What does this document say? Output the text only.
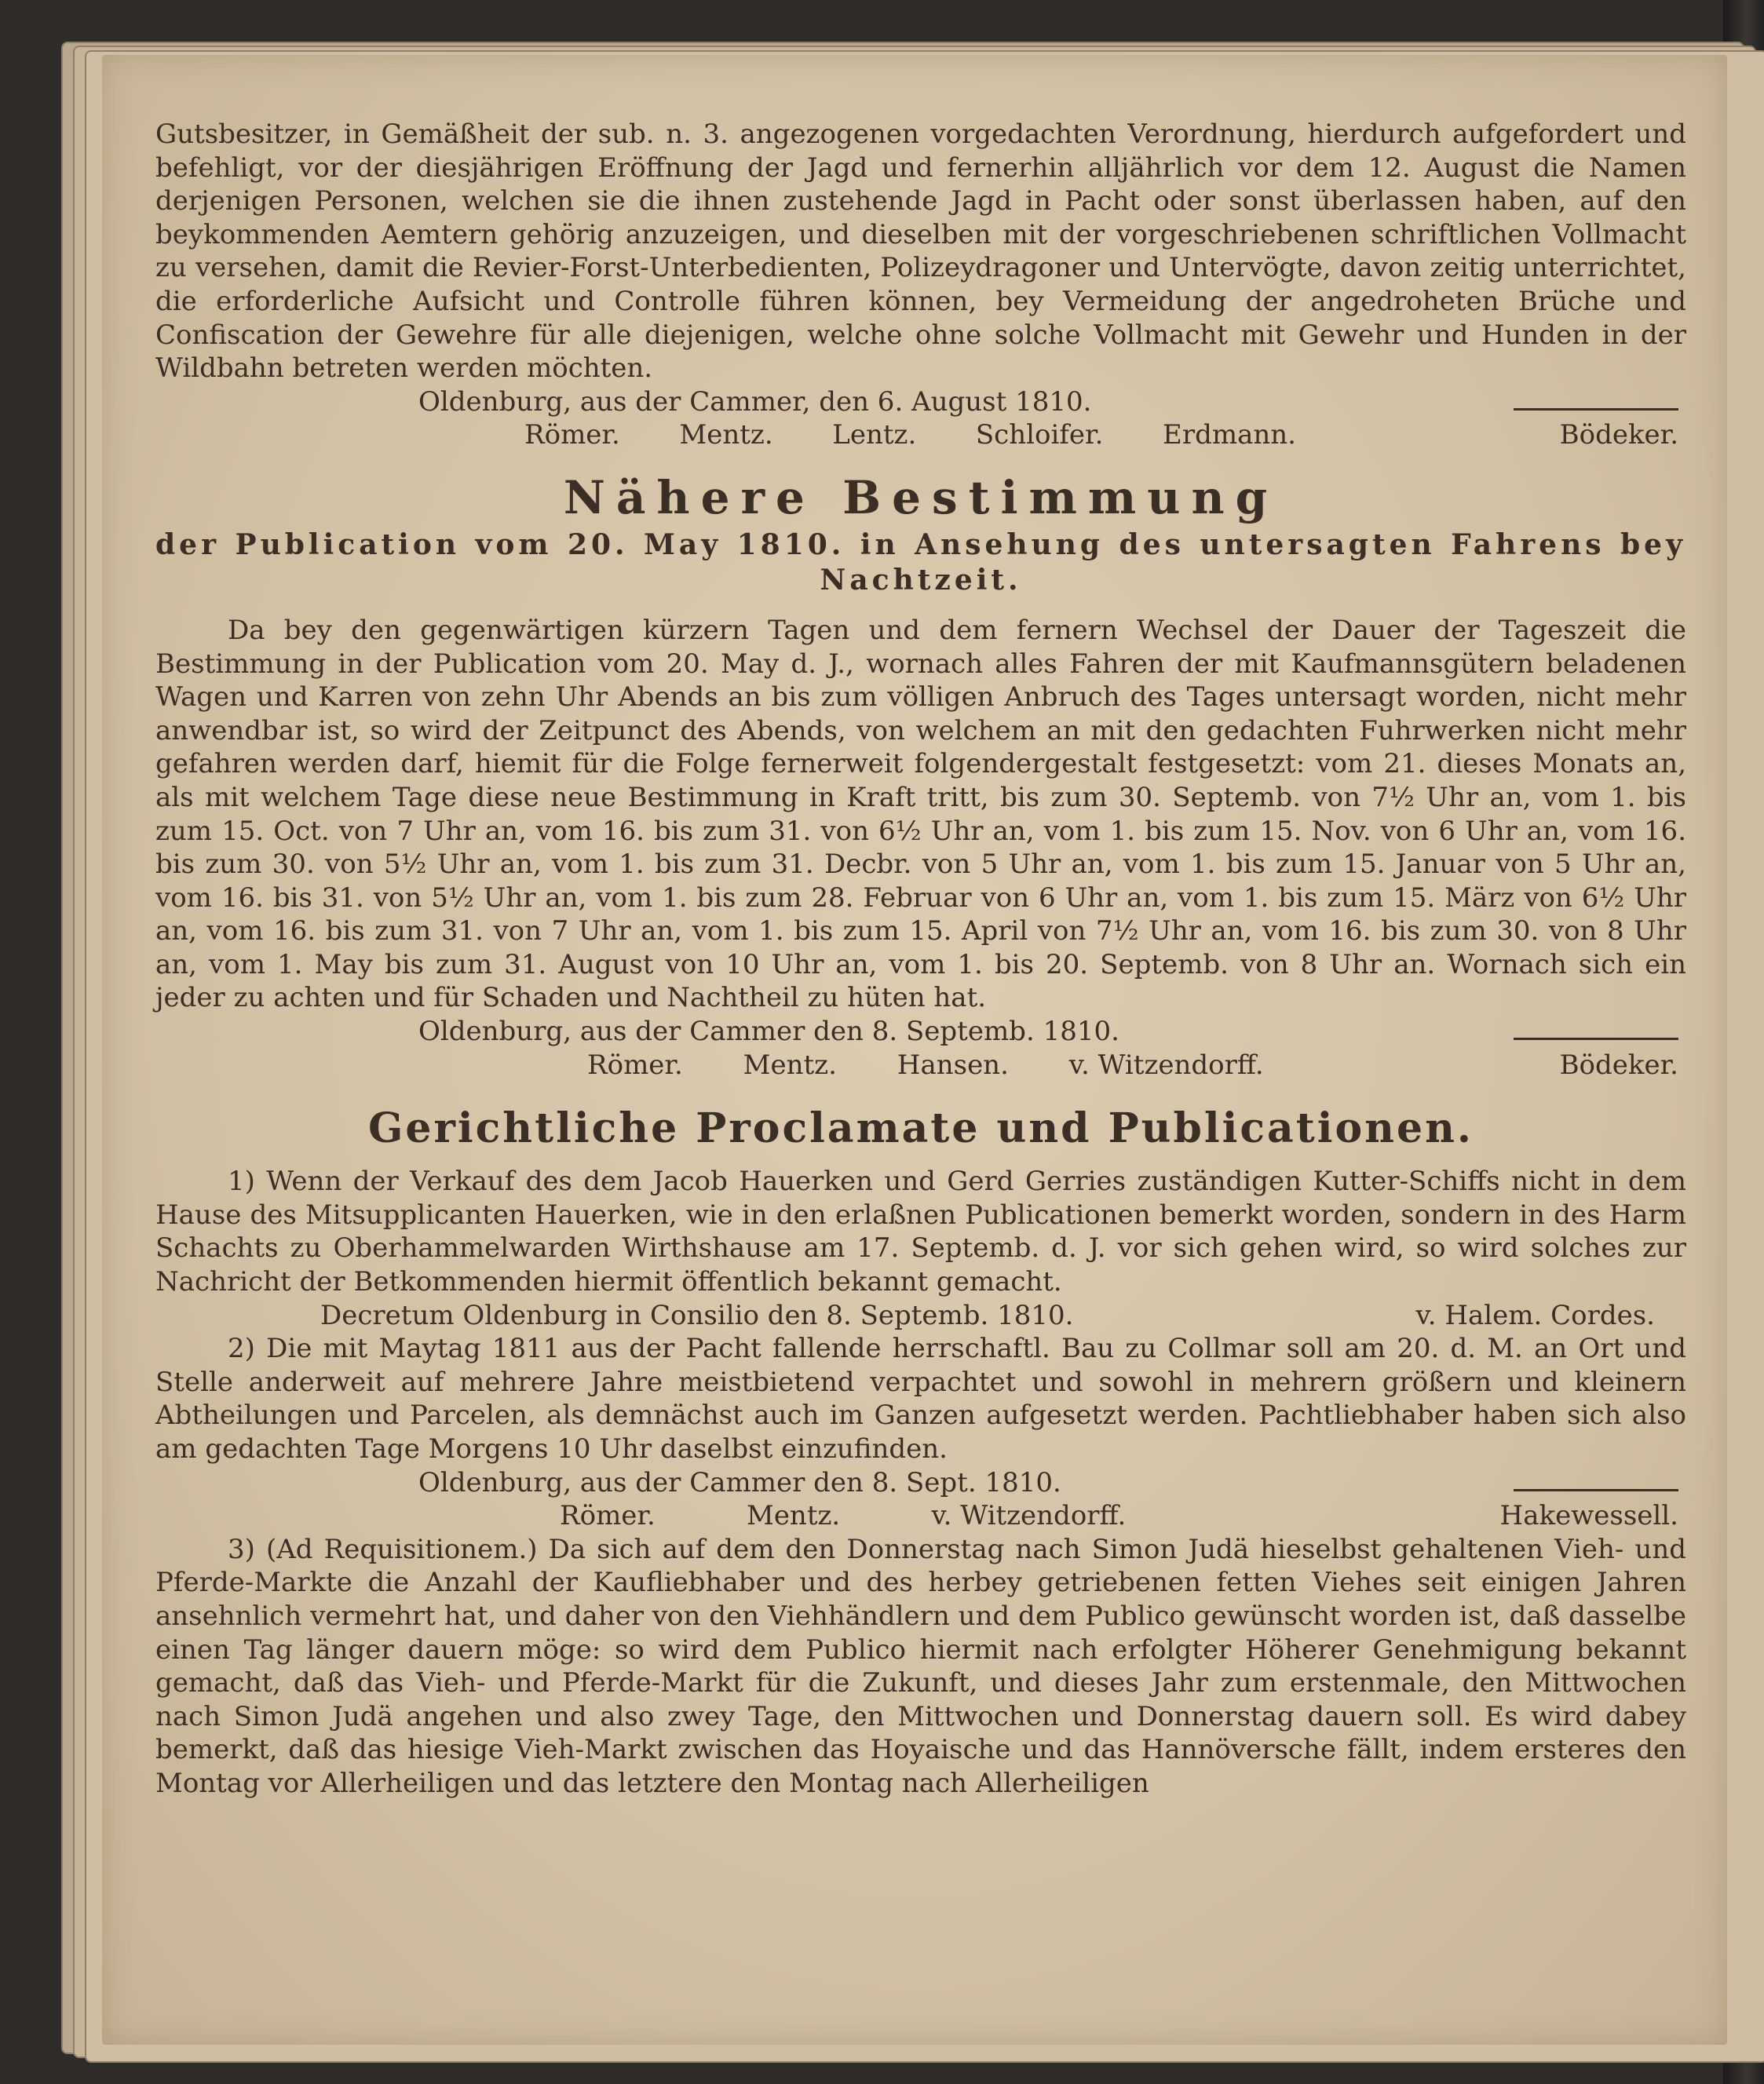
Gutsbesitzer, in Gemäßheit der sub. n. 3. angezogenen vorgedachten Verordnung, hierdurch aufgefordert und befehligt, vor der diesjährigen Eröffnung der Jagd und fernerhin alljährlich vor dem 12. August die Namen derjenigen Personen, welchen sie die ihnen zustehende Jagd in Pacht oder sonst überlassen haben, auf den beykommenden Aemtern gehörig anzuzeigen, und dieselben mit der vorgeschriebenen schriftlichen Vollmacht zu versehen, damit die Revier-Forst-Unterbedienten, Polizeydragoner und Untervögte, davon zeitig unterrichtet, die erforderliche Aufsicht und Controlle führen können, bey Vermeidung der angedroheten Brüche und Confiscation der Gewehre für alle diejenigen, welche ohne solche Vollmacht mit Gewehr und Hunden in der Wildbahn betreten werden möchten.

Oldenburg, aus der Cammer, den 6. August 1810.
Römer. Mentz. Lentz. Schloifer. Erdmann.	Bödeker.
Nähere Bestimmung
der Publication vom 20. May 1810. in Ansehung des untersagten Fahrens bey
Nachtzeit.

Da bey den gegenwärtigen kürzern Tagen und dem fernern Wechsel der Dauer der Tageszeit die Bestimmung in der Publication vom 20. May d. J., wornach alles Fahren der mit Kaufmannsgütern beladenen Wagen und Karren von zehn Uhr Abends an bis zum völligen Anbruch des Tages untersagt worden, nicht mehr anwendbar ist, so wird der Zeitpunct des Abends, von welchem an mit den gedachten Fuhrwerken nicht mehr gefahren werden darf, hiemit für die Folge fernerweit folgendergestalt festgesetzt: vom 21. dieses Monats an, als mit welchem Tage diese neue Bestimmung in Kraft tritt, bis zum 30. Septemb. von 7½ Uhr an, vom 1. bis zum 15. Oct. von 7 Uhr an, vom 16. bis zum 31. von 6½ Uhr an, vom 1. bis zum 15. Nov. von 6 Uhr an, vom 16. bis zum 30. von 5½ Uhr an, vom 1. bis zum 31. Decbr. von 5 Uhr an, vom 1. bis zum 15. Januar von 5 Uhr an, vom 16. bis 31. von 5½ Uhr an, vom 1. bis zum 28. Februar von 6 Uhr an, vom 1. bis zum 15. März von 6½ Uhr an, vom 16. bis zum 31. von 7 Uhr an, vom 1. bis zum 15. April von 7½ Uhr an, vom 16. bis zum 30. von 8 Uhr an, vom 1. May bis zum 31. August von 10 Uhr an, vom 1. bis 20. Septemb. von 8 Uhr an. Wornach sich ein jeder zu achten und für Schaden und Nachtheil zu hüten hat.

Oldenburg, aus der Cammer den 8. Septemb. 1810.
Römer. Mentz. Hansen. v. Witzendorff.	Bödeker.
Gerichtliche Proclamate und Publicationen.

1) Wenn der Verkauf des dem Jacob Hauerken und Gerd Gerries zuständigen Kutter-Schiffs nicht in dem Hause des Mitsupplicanten Hauerken, wie in den erlaßnen Publicationen bemerkt worden, sondern in des Harm Schachts zu Oberhammelwarden Wirthshause am 17. Septemb. d. J. vor sich gehen wird, so wird solches zur Nachricht der Betkommenden hiermit öffentlich bekannt gemacht.

Decretum Oldenburg in Consilio den 8. Septemb. 1810.	v. Halem. Cordes.

2) Die mit Maytag 1811 aus der Pacht fallende herrschaftl. Bau zu Collmar soll am 20. d. M. an Ort und Stelle anderweit auf mehrere Jahre meistbietend verpachtet und sowohl in mehrern größern und kleinern Abtheilungen und Parcelen, als demnächst auch im Ganzen aufgesetzt werden. Pachtliebhaber haben sich also am gedachten Tage Morgens 10 Uhr daselbst einzufinden.

Oldenburg, aus der Cammer den 8. Sept. 1810.
Römer.	Mentz.	v. Witzendorff.	Hakewessell.

3) (Ad Requisitionem.) Da sich auf dem den Donnerstag nach Simon Judä hieselbst gehaltenen Vieh- und Pferde-Markte die Anzahl der Kaufliebhaber und des herbey getriebenen fetten Viehes seit einigen Jahren ansehnlich vermehrt hat, und daher von den Viehhändlern und dem Publico gewünscht worden ist, daß dasselbe einen Tag länger dauern möge: so wird dem Publico hiermit nach erfolgter Höherer Genehmigung bekannt gemacht, daß das Vieh- und Pferde-Markt für die Zukunft, und dieses Jahr zum erstenmale, den Mittwochen nach Simon Judä angehen und also zwey Tage, den Mittwochen und Donnerstag dauern soll. Es wird dabey bemerkt, daß das hiesige Vieh-Markt zwischen das Hoyaische und das Hannöversche fällt, indem ersteres den Montag vor Allerheiligen und das letztere den Montag nach Allerheiligen
